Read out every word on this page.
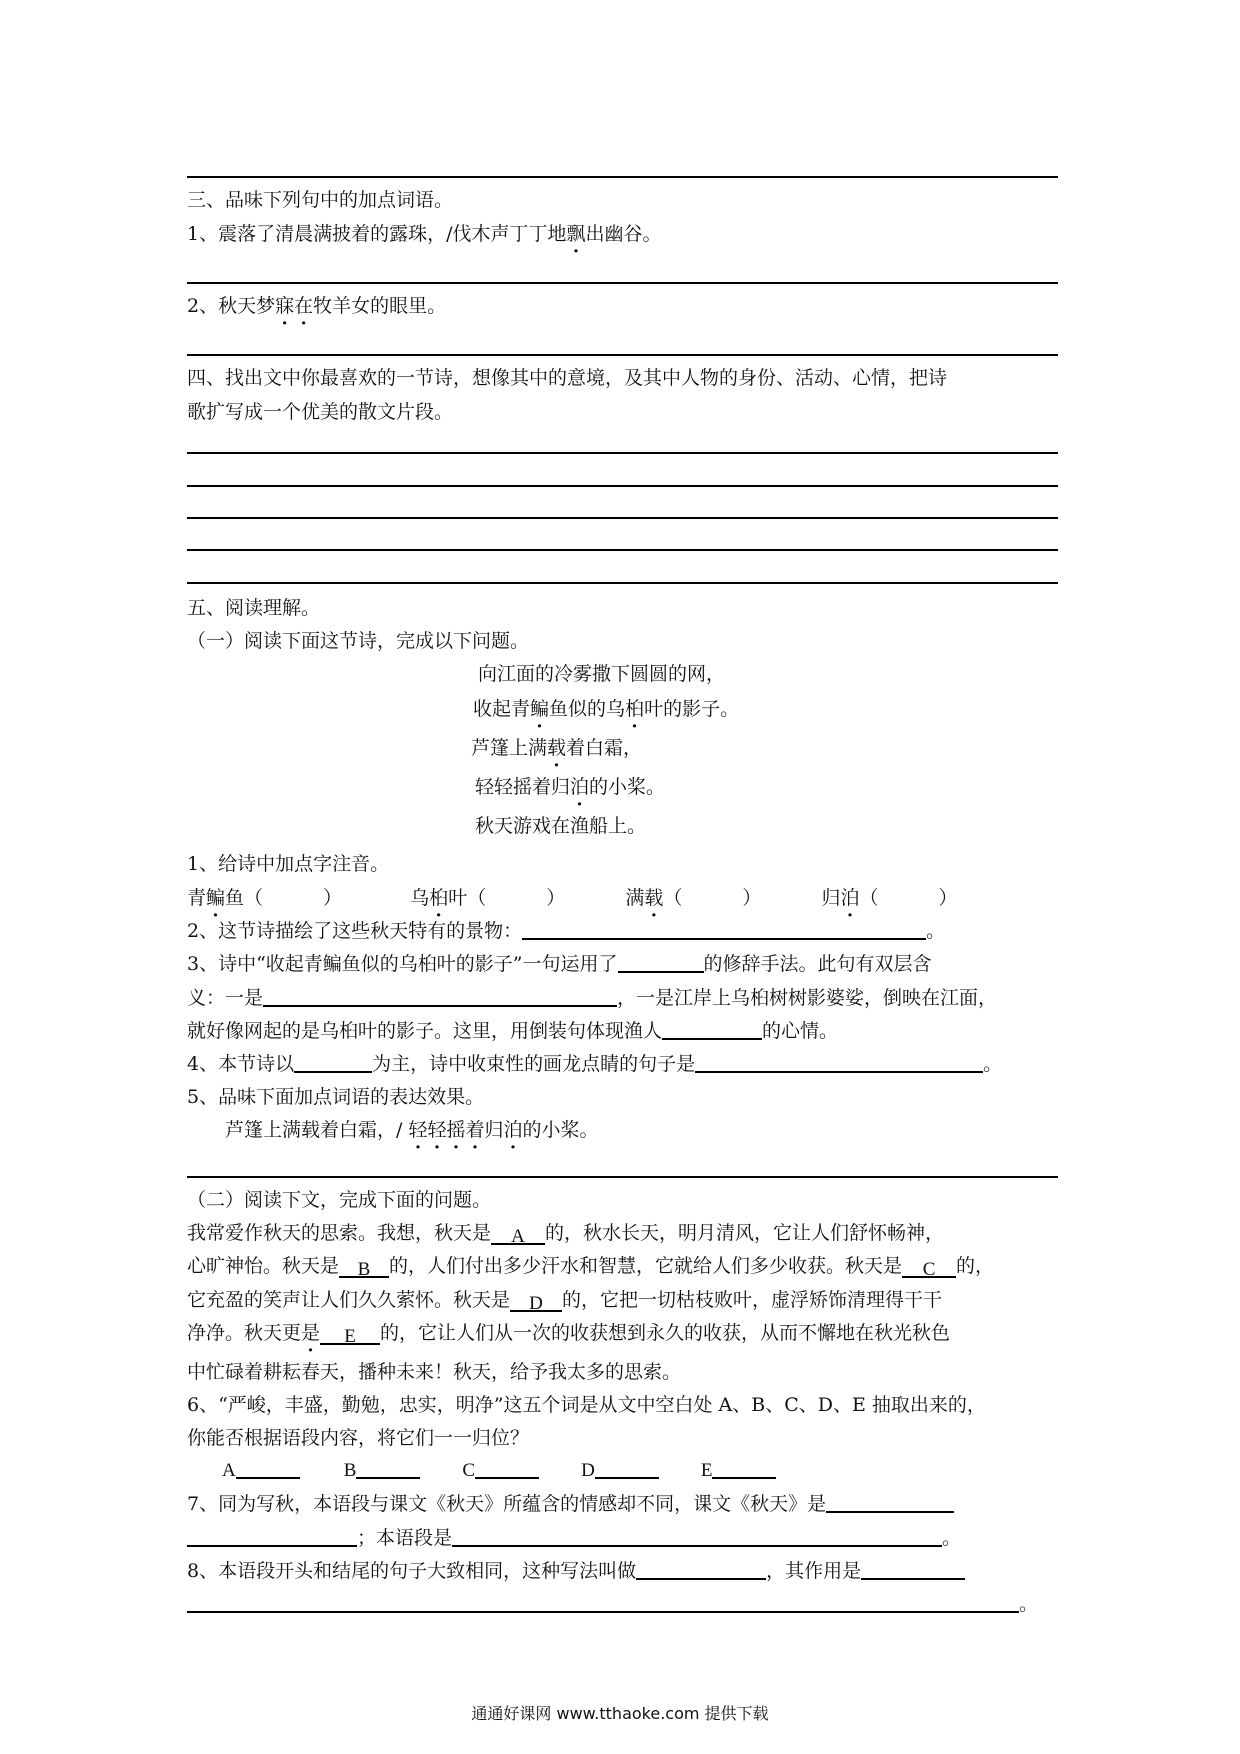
三、品味下列句中的加点词语。
1、震落了清晨满披着的露珠，/伐木声丁丁地飘出幽谷。
2、秋天梦寐在牧羊女的眼里。
四、找出文中你最喜欢的一节诗，想像其中的意境，及其中人物的身份、活动、心情，把诗
歌扩写成一个优美的散文片段。
五、阅读理解。
（一）阅读下面这节诗，完成以下问题。
向江面的冷雾撒下圆圆的网，
收起青鳊鱼似的乌桕叶的影子。
芦篷上满载着白霜，
轻轻摇着归泊的小桨。
秋天游戏在渔船上。
1、给诗中加点字注音。
青鳊鱼（	）	乌桕叶（	）	满载（	）	归泊（	）
2、这节诗描绘了这些秋天特有的景物：	。
3、诗中“收起青鳊鱼似的乌桕叶的影子”一句运用了	的修辞手法。此句有双层含
义：一是	，一是江岸上乌桕树树影婆娑，倒映在江面，
就好像网起的是乌桕叶的影子。这里，用倒装句体现渔人	的心情。
4、本节诗以	为主，诗中收束性的画龙点睛的句子是	。
5、品味下面加点词语的表达效果。
芦篷上满载着白霜，/ 轻轻摇着归泊的小桨。
（二）阅读下文，完成下面的问题。
我常爱作秋天的思索。我想，秋天是 A 的，秋水长天，明月清风，它让人们舒怀畅神，
心旷神怡。秋天是 B 的，人们付出多少汗水和智慧，它就给人们多少收获。秋天是 C 的，
它充盈的笑声让人们久久萦怀。秋天是 D 的，它把一切枯枝败叶，虚浮矫饰清理得干干
净净。秋天更是 E 的，它让人们从一次的收获想到永久的收获，从而不懈地在秋光秋色
中忙碌着耕耘春天，播种未来！秋天，给予我太多的思索。
6、“严峻，丰盛，勤勉，忠实，明净”这五个词是从文中空白处 A、B、C、D、E 抽取出来的，
你能否根据语段内容，将它们一一归位？
A	B	C	D	E
7、同为写秋，本语段与课文《秋天》所蕴含的情感却不同，课文《秋天》是
；本语段是	。
8、本语段开头和结尾的句子大致相同，这种写法叫做	，其作用是
。
通通好课网 www.tthaoke.com 提供下载
